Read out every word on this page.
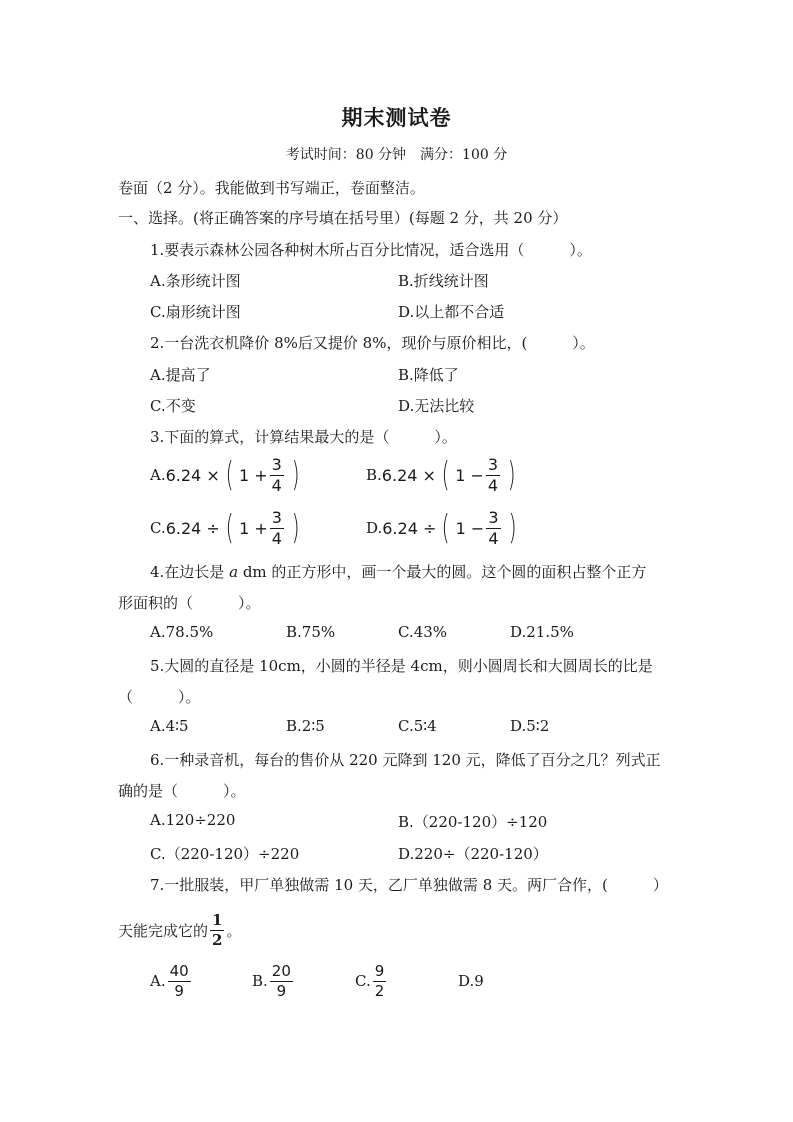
期末测试卷
考试时间：80 分钟　满分：100 分
卷面（2 分）。我能做到书写端正，卷面整洁。
一、选择。(将正确答案的序号填在括号里）(每题 2 分，共 20 分）
1.要表示森林公园各种树木所占百分比情况，适合选用（　　　）。
A.条形统计图	B.折线统计图
C.扇形统计图	D.以上都不合适
2.一台洗衣机降价 8%后又提价 8%，现价与原价相比，(　　　）。
A.提高了	B.降低了
C.不变	D.无法比较
3.下面的算式，计算结果最大的是（　　　）。
A. 6.24 × ( $1 + \frac{3}{4}$ )	B. 6.24 × ( $1 - \frac{3}{4}$ )
C. 6.24 ÷ ( $1 + \frac{3}{4}$ )	D. 6.24 ÷ ( $1 - \frac{3}{4}$ )
4.在边长是 a dm 的正方形中，画一个最大的圆。这个圆的面积占整个正方
形面积的（　　　）。
A.78.5%	B.75%	C.43%	D.21.5%
5.大圆的直径是 10cm，小圆的半径是 4cm，则小圆周长和大圆周长的比是
（　　　）。
A.4∶5	B.2∶5	C.5∶4	D.5∶2
6.一种录音机，每台的售价从 220 元降到 120 元，降低了百分之几？列式正
确的是（　　　）。
A.120÷220	B.（220-120）÷120
C.（220-120）÷220	D.220÷（220-120）
7.一批服装，甲厂单独做需 10 天，乙厂单独做需 8 天。两厂合作，(　　　）
天能完成它的
1
2 。
A.
40
9
B.
20
9
C.
9
2
D.9
